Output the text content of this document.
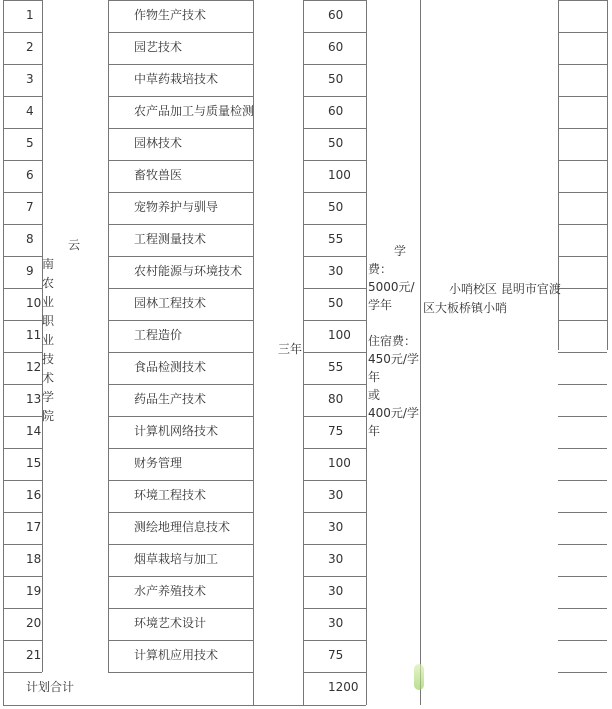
1	作物生产技术	60
2	园艺技术	60
3	中草药栽培技术	50
4	农产品加工与质量检测	60
5	园林技术	50
6	畜牧兽医	100
7	宠物养护与驯导	50
8	工程测量技术	55
9	农村能源与环境技术	30
10	园林工程技术	50
11	工程造价	100
12	食品检测技术	55
13	药品生产技术	80
14	计算机网络技术	75
15	财务管理	100
16	环境工程技术	30
17	测绘地理信息技术	30
18	烟草栽培与加工	30
19	水产养殖技术	30
20	环境艺术设计	30
21	计算机应用技术	75
计划合计	1200
云
南
农
业
职
业
技
术
学
院
三年
学
费：
5000元/
学年
住宿费：
450元/学
年
或
400元/学
年
小哨校区 昆明市官渡
区大板桥镇小哨
